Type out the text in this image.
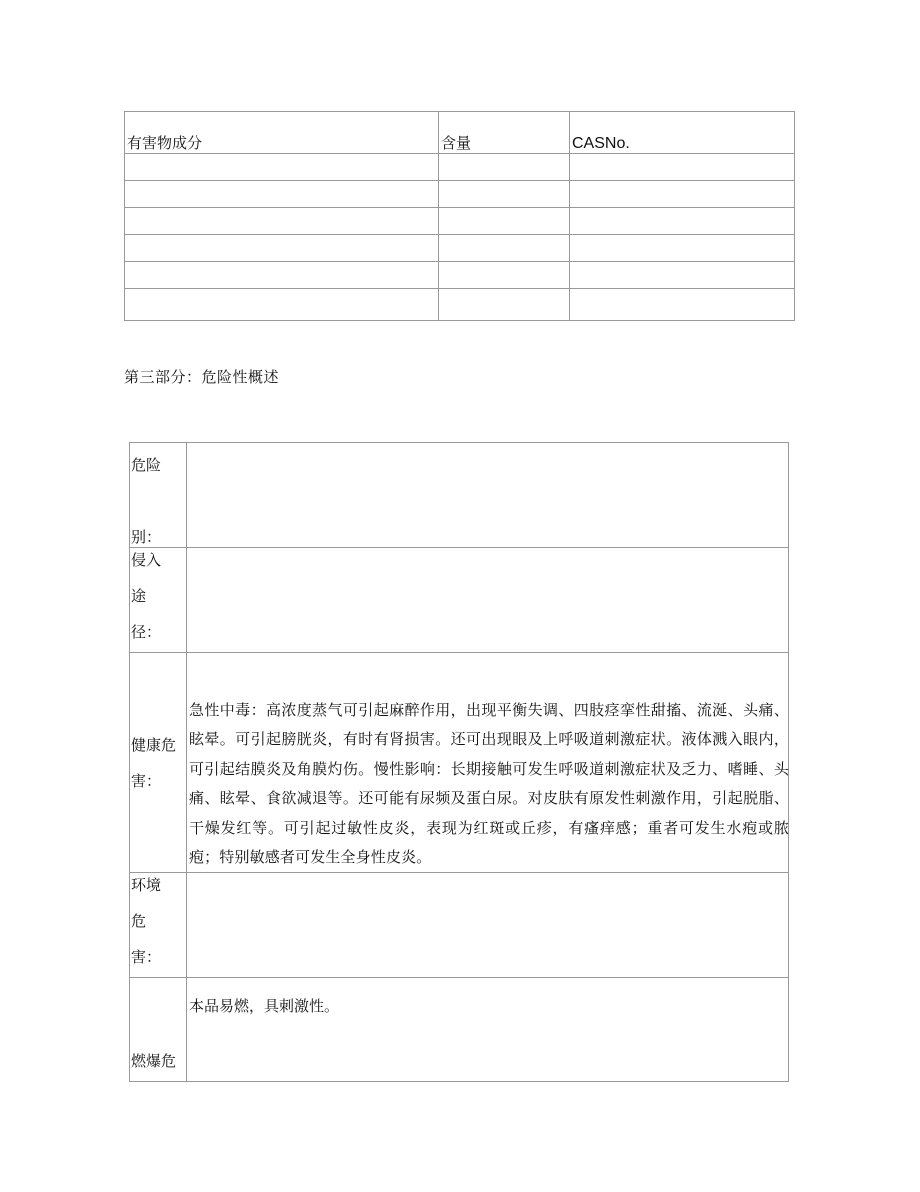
有害物成分	含量	CASNo.

第三部分：危险性概述
危险
别：	

侵入
途
径：	

健康危
害：	急性中毒：高浓度蒸气可引起麻醉作用，出现平衡失调、四肢痉挛性甜搐、流涎、头痛、眩晕。可引起膀胱炎，有时有肾损害。还可出现眼及上呼吸道刺激症状。液体溅入眼内，可引起结膜炎及角膜灼伤。慢性影响：长期接触可发生呼吸道刺激症状及乏力、嗜睡、头痛、眩晕、食欲减退等。还可能有尿频及蛋白尿。对皮肤有原发性刺激作用，引起脱脂、干燥发红等。可引起过敏性皮炎，表现为红斑或丘疹，有瘙痒感；重者可发生水疱或脓疱；特别敏感者可发生全身性皮炎。

环境
危
害：	

燃爆危	本品易燃，具刺激性。
